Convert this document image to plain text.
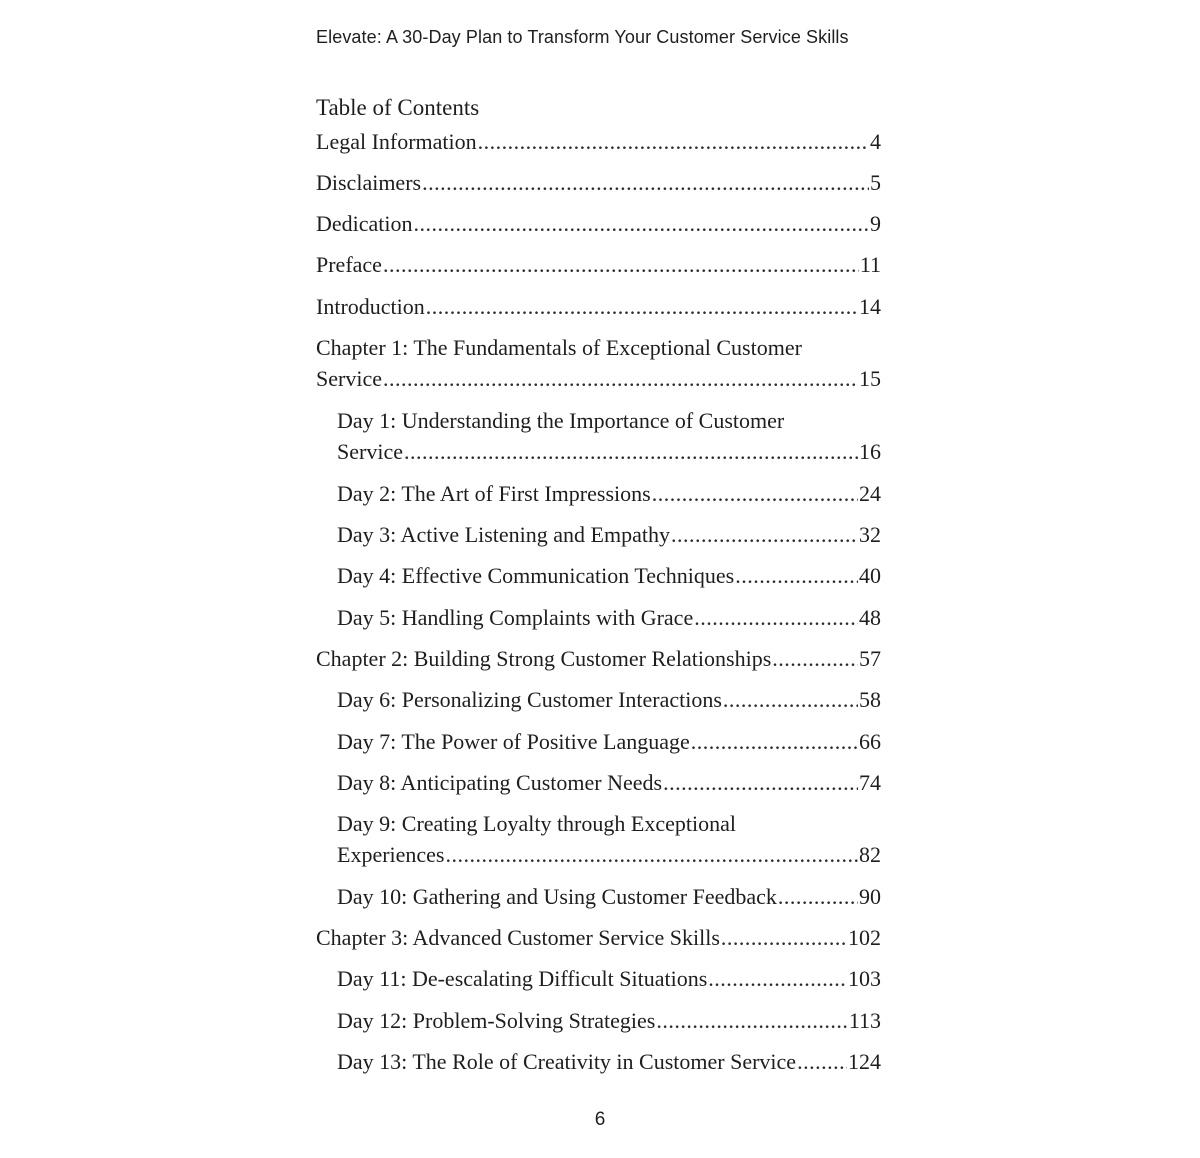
Elevate: A 30-Day Plan to Transform Your Customer Service Skills
Table of Contents
Legal Information .....	4
Disclaimers .....	5
Dedication .....	9
Preface .....	11
Introduction .....	14
Chapter 1: The Fundamentals of Exceptional Customer
Service .....	15
Day 1: Understanding the Importance of Customer
Service .....	16
Day 2: The Art of First Impressions .....	24
Day 3: Active Listening and Empathy .....	32
Day 4: Effective Communication Techniques .....	40
Day 5: Handling Complaints with Grace .....	48
Chapter 2: Building Strong Customer Relationships .....	57
Day 6: Personalizing Customer Interactions .....	58
Day 7: The Power of Positive Language .....	66
Day 8: Anticipating Customer Needs .....	74
Day 9: Creating Loyalty through Exceptional
Experiences .....	82
Day 10: Gathering and Using Customer Feedback .....	90
Chapter 3: Advanced Customer Service Skills .....	102
Day 11: De-escalating Difficult Situations .....	103
Day 12: Problem-Solving Strategies .....	113
Day 13: The Role of Creativity in Customer Service ..... 124
6
